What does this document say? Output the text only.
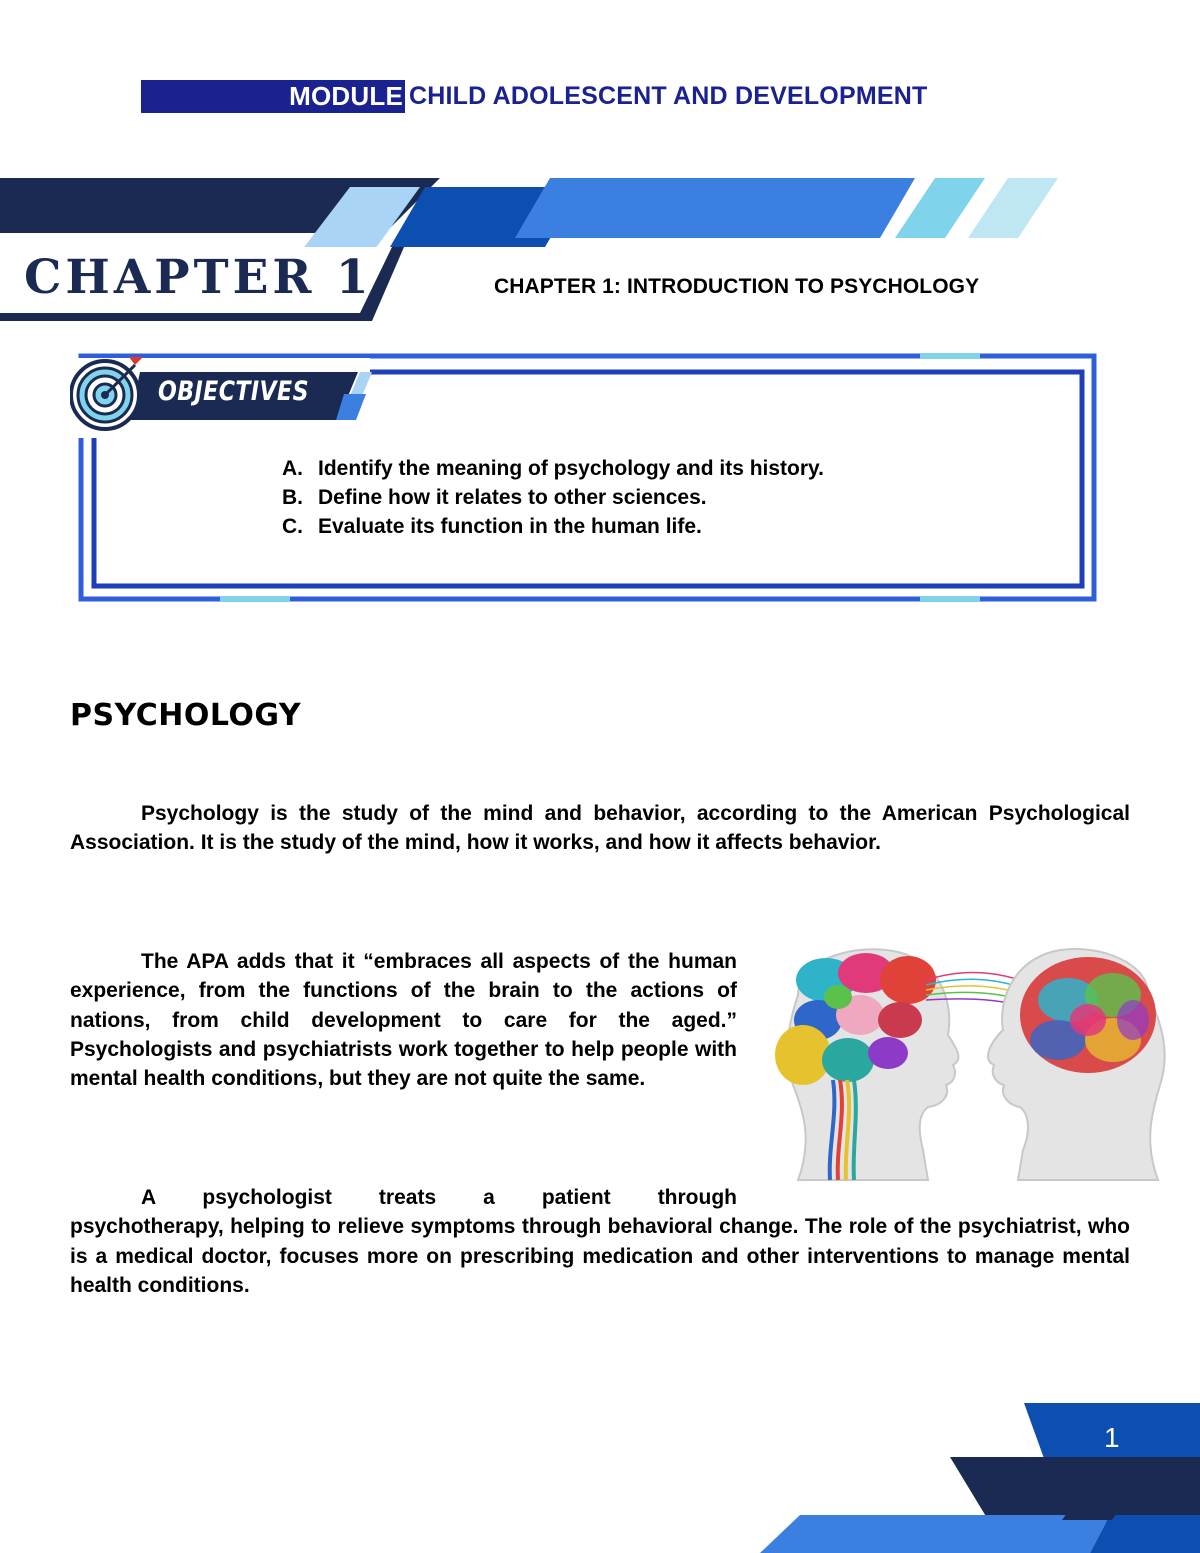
MODULE CHILD ADOLESCENT AND DEVELOPMENT
CHAPTER 1	CHAPTER 1: INTRODUCTION TO PSYCHOLOGY
OBJECTIVES
A. Identify the meaning of psychology and its history.
B. Define how it relates to other sciences.
C. Evaluate its function in the human life.
PSYCHOLOGY

Psychology is the study of the mind and behavior, according to the American Psychological Association. It is the study of the mind, how it works, and how it affects behavior.

The APA adds that it “embraces all aspects of the human experience, from the functions of the brain to the actions of nations, from child development to care for the aged.” Psychologists and psychiatrists work together to help people with mental health conditions, but they are not quite the same.

A psychologist treats a patient through
psychotherapy, helping to relieve symptoms through behavioral change. The role of the psychiatrist, who is a medical doctor, focuses more on prescribing medication and other interventions to manage mental health conditions.

1
